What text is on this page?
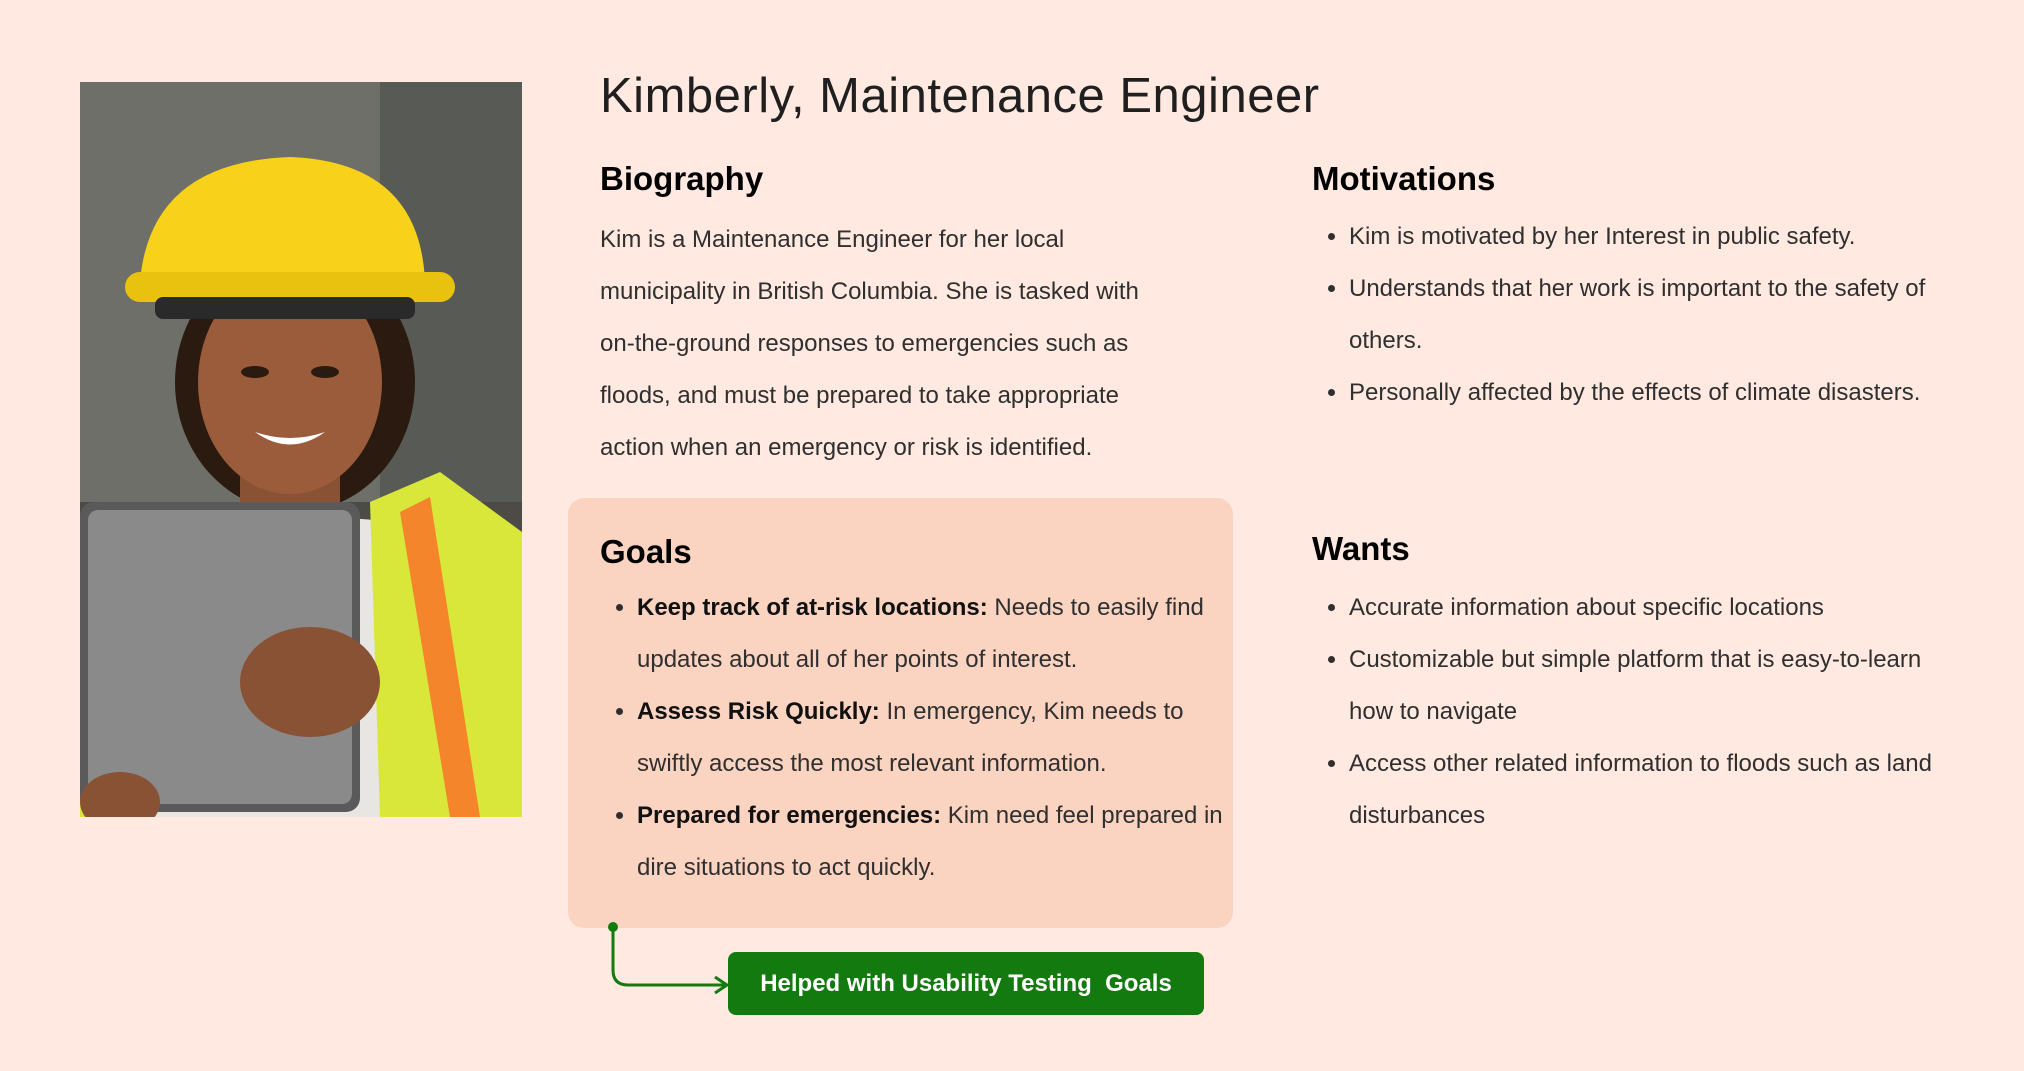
Kimberly, Maintenance Engineer
Biography

Kim is a Maintenance Engineer for her local

municipality in British Columbia. She is tasked with

on-the-ground responses to emergencies such as

floods, and must be prepared to take appropriate

action when an emergency or risk is identified.

Motivations
• Kim is motivated by her Interest in public safety.
• Understands that her work is important to the safety of others.
• Personally affected by the effects of climate disasters.
Goals
• Keep track of at-risk locations: Needs to easily find updates about all of her points of interest.
• Assess Risk Quickly: In emergency, Kim needs to swiftly access the most relevant information.
• Prepared for emergencies: Kim need feel prepared in dire situations to act quickly.
Wants
• Accurate information about specific locations
• Customizable but simple platform that is easy-to-learn how to navigate
• Access other related information to floods such as land disturbances
Helped with Usability Testing  Goals
